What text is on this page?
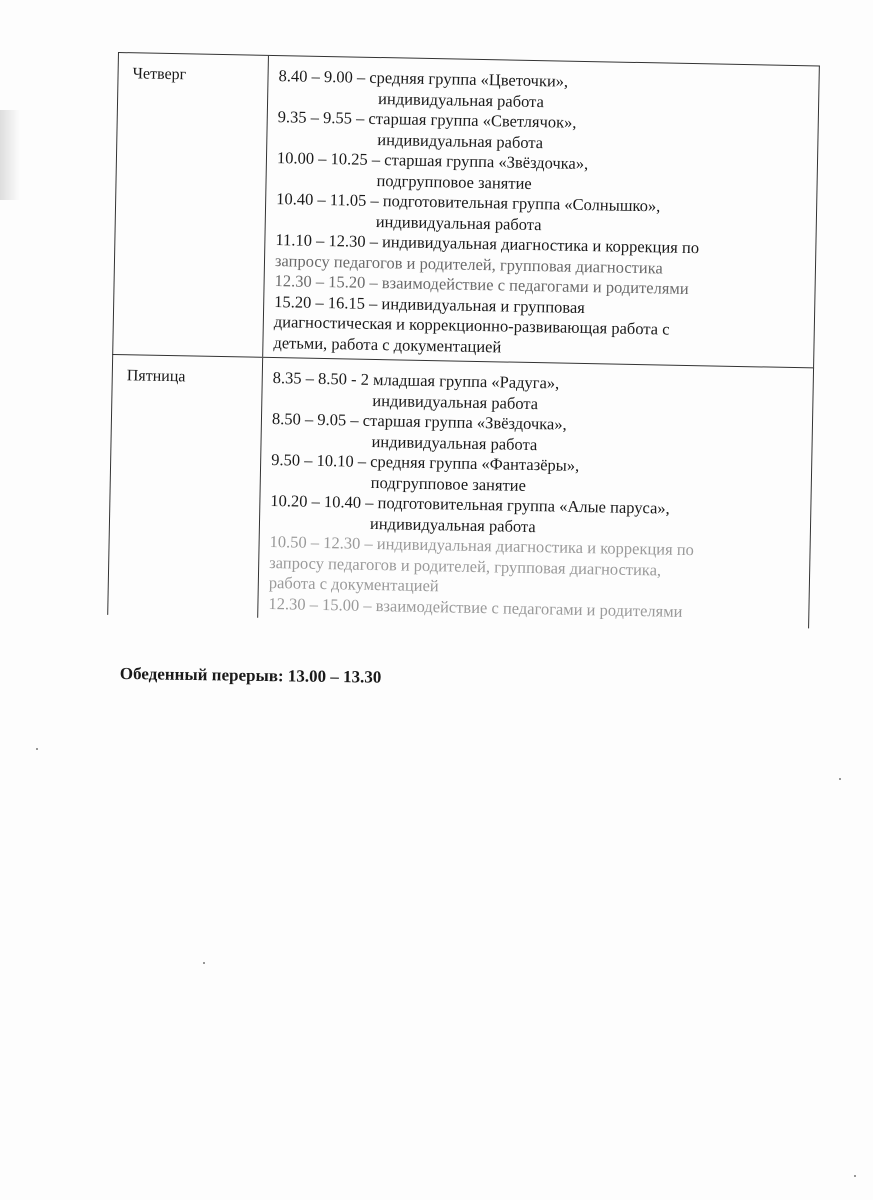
Четверг	8.40 – 9.00 – средняя группа «Цветочки»,
индивидуальная работа
9.35 – 9.55 – старшая группа «Светлячок»,
индивидуальная работа
10.00 – 10.25 – старшая группа «Звёздочка»,
подгрупповое занятие
10.40 – 11.05 – подготовительная группа «Солнышко»,
индивидуальная работа
11.10 – 12.30 – индивидуальная диагностика и коррекция по
запросу педагогов и родителей, групповая диагностика
12.30 – 15.20 – взаимодействие с педагогами и родителями
15.20 – 16.15 – индивидуальная и групповая
диагностическая и коррекционно-развивающая работа с
детьми, работа с документацией
Пятница	8.35 – 8.50 - 2 младшая группа «Радуга»,
индивидуальная работа
8.50 – 9.05 – старшая группа «Звёздочка»,
индивидуальная работа
9.50 – 10.10 – средняя группа «Фантазёры»,
подгрупповое занятие
10.20 – 10.40 – подготовительная группа «Алые паруса»,
индивидуальная работа
10.50 – 12.30 – индивидуальная диагностика и коррекция по
запросу педагогов и родителей, групповая диагностика,
работа с документацией
12.30 – 15.00 – взаимодействие с педагогами и родителями
Обеденный перерыв: 13.00 – 13.30
